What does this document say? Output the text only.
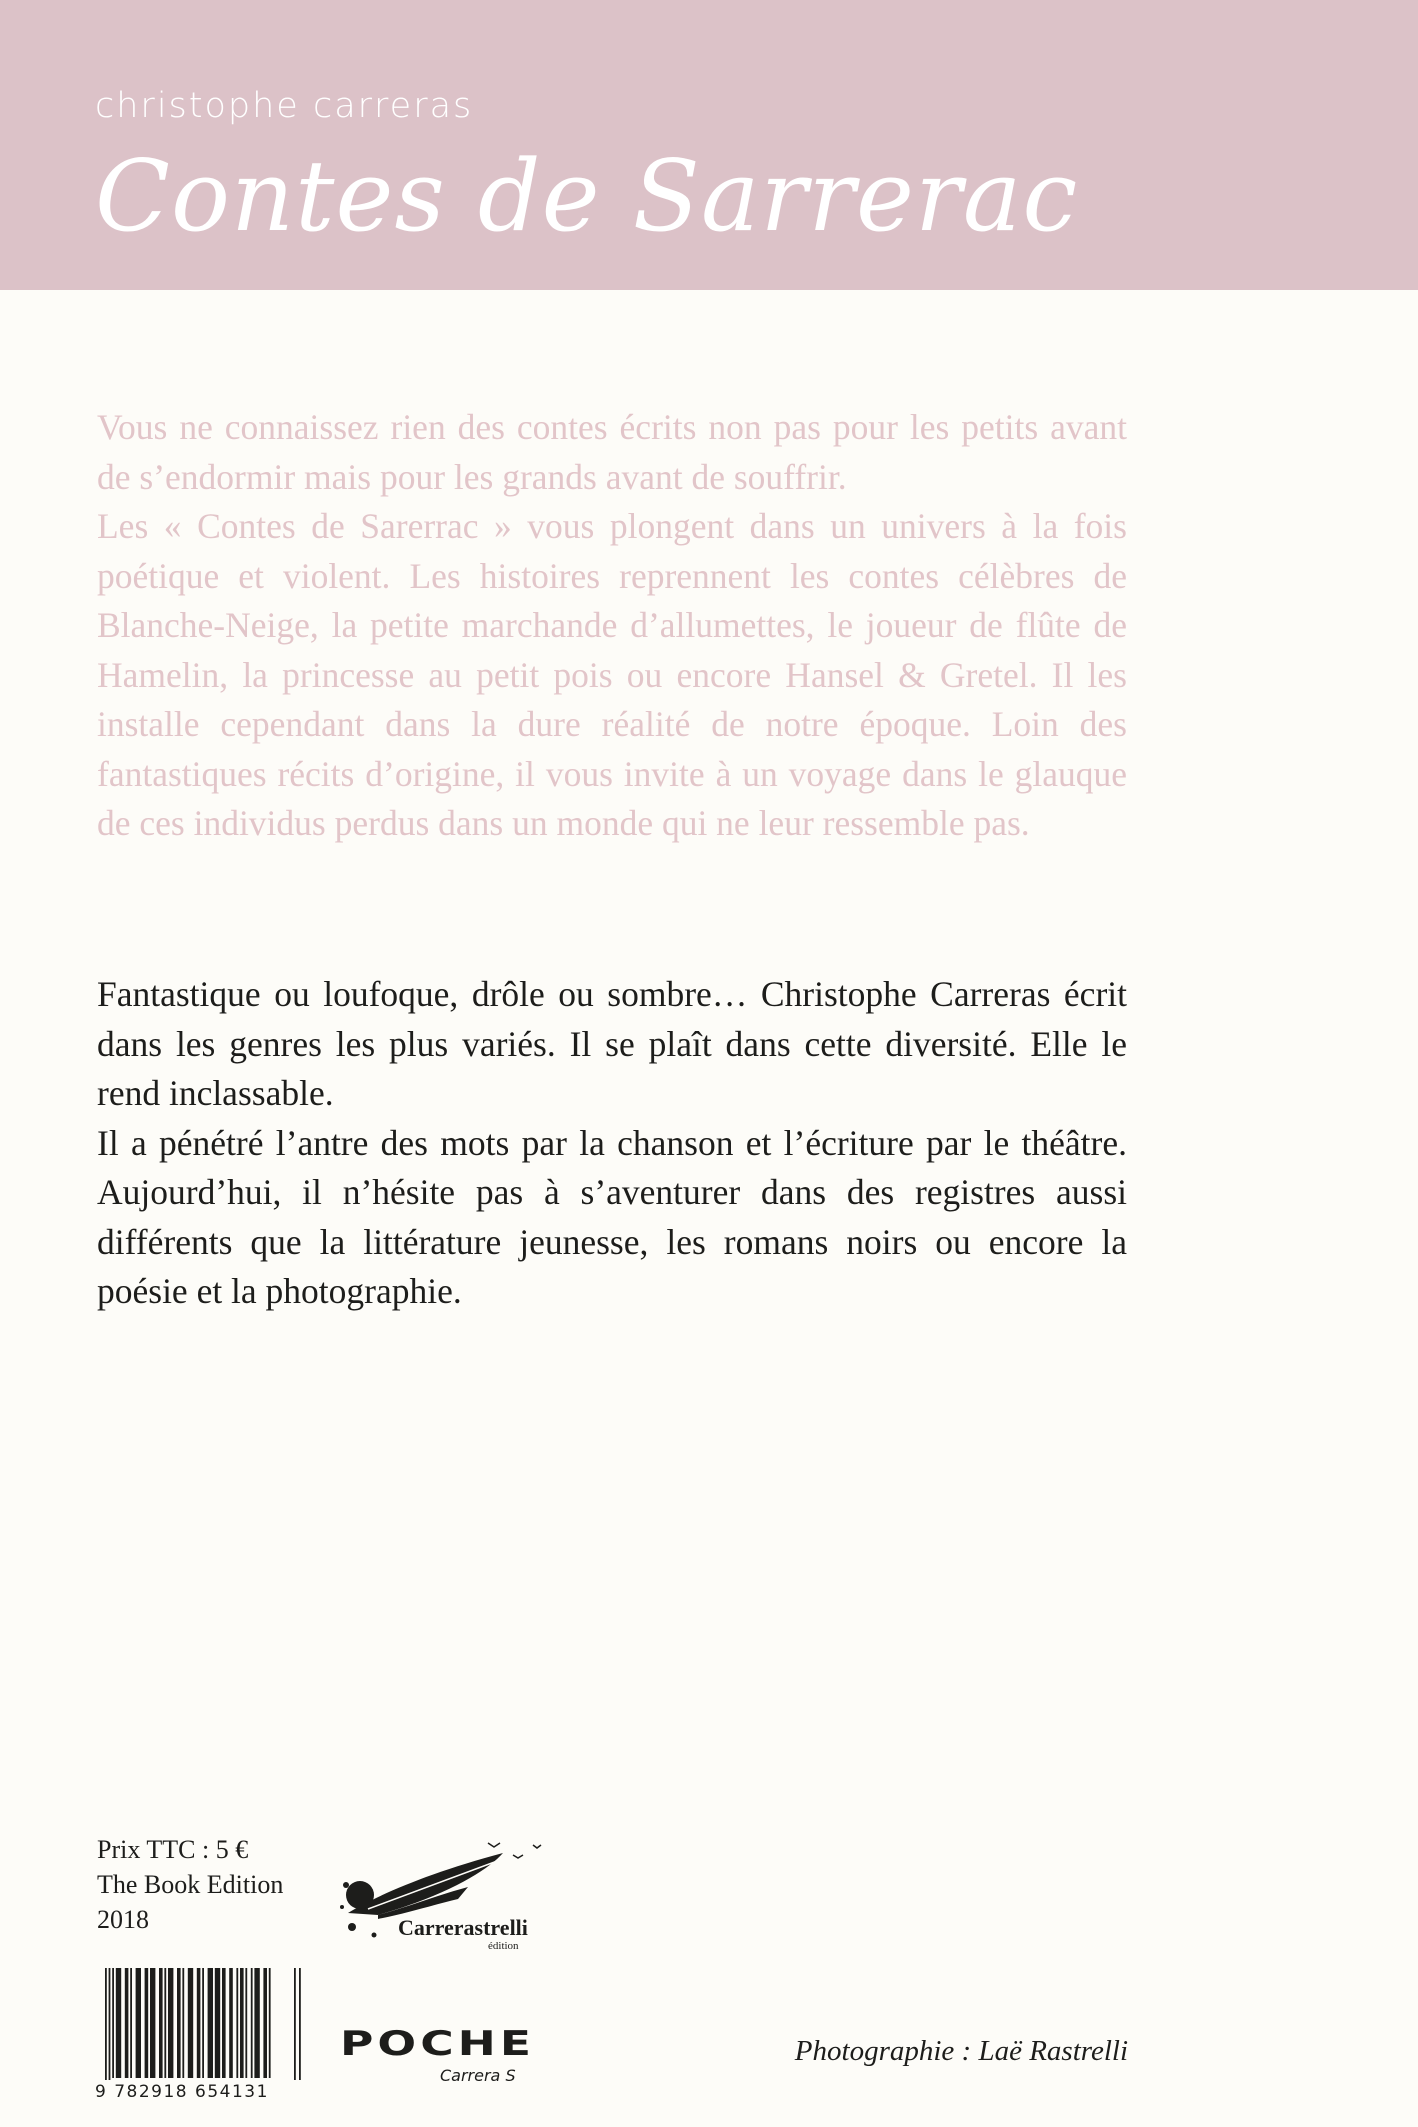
christophe carreras
Contes de Sarrerac

Vous ne connaissez rien des contes écrits non pas pour les petits avant de s’endormir mais pour les grands avant de souffrir.

Les « Contes de Sarerrac » vous plongent dans un univers à la fois poétique et violent. Les histoires reprennent les contes célèbres de Blanche-Neige, la petite marchande d’allumettes, le joueur de flûte de Hamelin, la princesse au petit pois ou encore Hansel & Gretel. Il les installe cependant dans la dure réalité de notre époque. Loin des fantastiques récits d’origine, il vous invite à un voyage dans le glauque de ces individus perdus dans un monde qui ne leur ressemble pas.

Fantastique ou loufoque, drôle ou sombre… Christophe Carreras écrit dans les genres les plus variés. Il se plaît dans cette diversité. Elle le rend inclassable.

Il a pénétré l’antre des mots par la chanson et l’écriture par le théâtre. Aujourd’hui, il n’hésite pas à s’aventurer dans des registres aussi différents que la littérature jeunesse, les romans noirs ou encore la poésie et la photographie.

Prix TTC : 5 €
The Book Edition
2018	Carrerastrelli
édition
9 782918 654131
POCHE
Carrera S
Photographie : Laë Rastrelli
